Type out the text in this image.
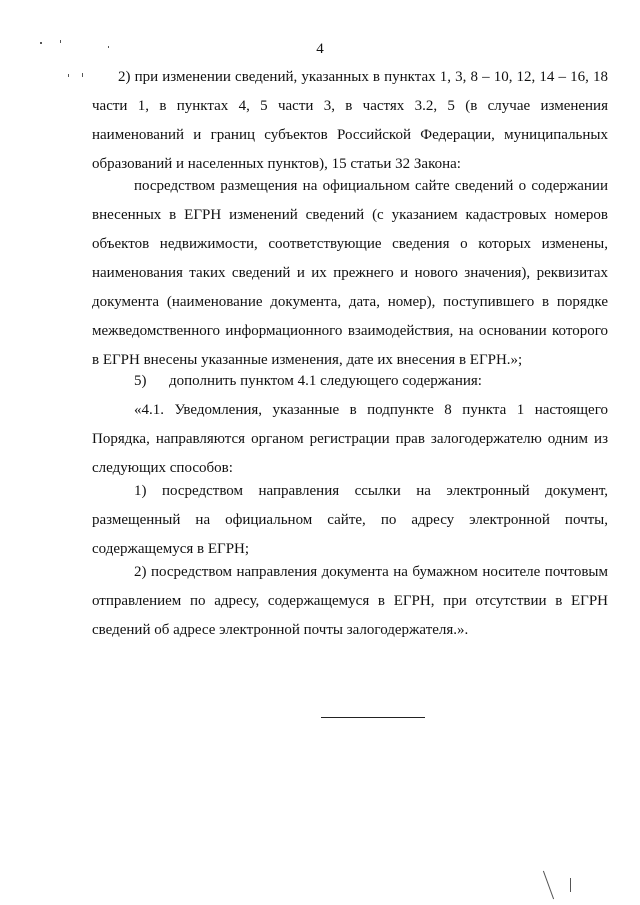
4

2) при изменении сведений, указанных в пунктах 1, 3, 8 – 10, 12, 14 – 16, 18 части 1, в пунктах 4, 5 части 3, в частях 3.2, 5 (в случае изменения наименований и границ субъектов Российской Федерации, муниципальных образований и населенных пунктов), 15 статьи 32 Закона:

посредством размещения на официальном сайте сведений о содержании внесенных в ЕГРН изменений сведений (с указанием кадастровых номеров объектов недвижимости, соответствующие сведения о которых изменены, наименования таких сведений и их прежнего и нового значения), реквизитах документа (наименование документа, дата, номер), поступившего в порядке межведомственного информационного взаимодействия, на основании которого в ЕГРН внесены указанные изменения, дате их внесения в ЕГРН.»;

5)      дополнить пунктом 4.1 следующего содержания:

«4.1. Уведомления, указанные в подпункте 8 пункта 1 настоящего Порядка, направляются органом регистрации прав залогодержателю одним из следующих способов:

1) посредством направления ссылки на электронный документ, размещенный на официальном сайте, по адресу электронной почты, содержащемуся в ЕГРН;

2) посредством направления документа на бумажном носителе почтовым отправлением по адресу, содержащемуся в ЕГРН, при отсутствии в ЕГРН сведений об адресе электронной почты залогодержателя.».
